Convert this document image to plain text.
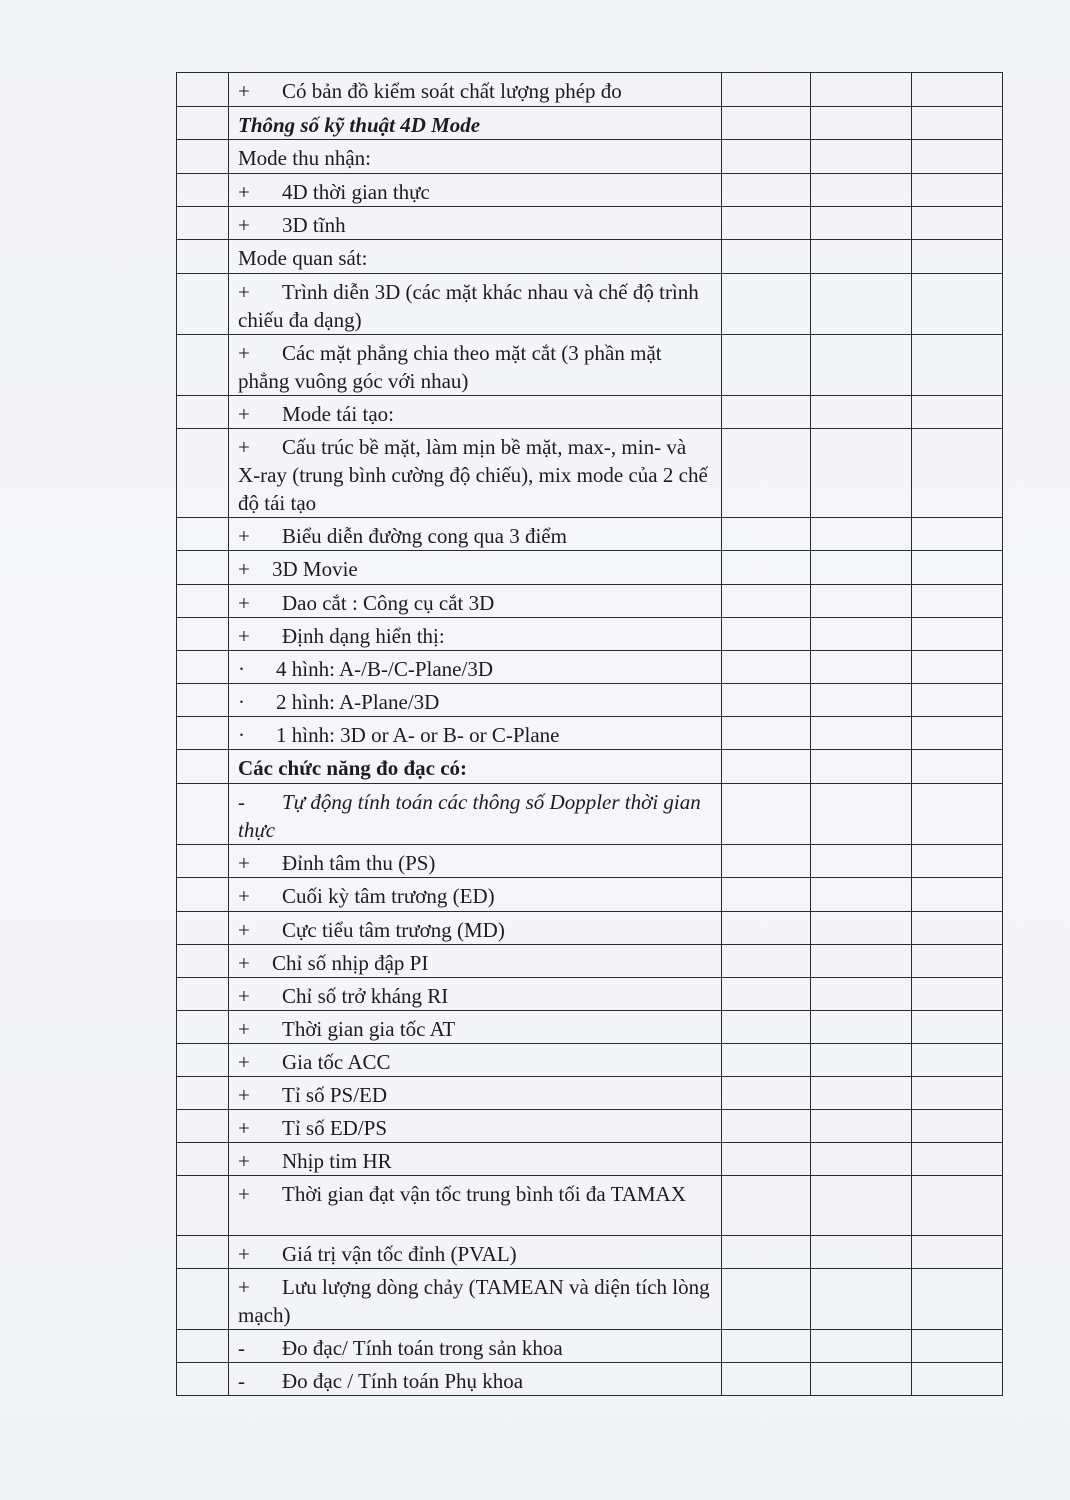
	+ Có bản đồ kiểm soát chất lượng phép đo			

	Thông số kỹ thuật 4D Mode			

	Mode thu nhận:			

	+ 4D thời gian thực			

	+ 3D tĩnh			

	Mode quan sát:			

	+ Trình diễn 3D (các mặt khác nhau và chế độ trình chiếu đa dạng)			

	+ Các mặt phẳng chia theo mặt cắt (3 phần mặt phẳng vuông góc với nhau)			

	+ Mode tái tạo:			

	+ Cấu trúc bề mặt, làm mịn bề mặt, max-, min- và X-ray (trung bình cường độ chiếu), mix mode của 2 chế độ tái tạo			

	+ Biểu diễn đường cong qua 3 điểm			

	+ 3D Movie			

	+ Dao cắt : Công cụ cắt 3D			

	+ Định dạng hiển thị:			

	· 4 hình: A-/B-/C-Plane/3D			

	· 2 hình: A-Plane/3D			

	· 1 hình: 3D or A- or B- or C-Plane			

	Các chức năng đo đạc có:			

	- Tự động tính toán các thông số Doppler thời gian thực			

	+ Đỉnh tâm thu (PS)			

	+ Cuối kỳ tâm trương (ED)			

	+ Cực tiểu tâm trương (MD)			

	+ Chỉ số nhịp đập PI			

	+ Chỉ số trở kháng RI			

	+ Thời gian gia tốc AT			

	+ Gia tốc ACC			

	+ Tỉ số PS/ED			

	+ Tỉ số ED/PS			

	+ Nhịp tim HR			

	+ Thời gian đạt vận tốc trung bình tối đa TAMAX			

	+ Giá trị vận tốc đỉnh (PVAL)			

	+ Lưu lượng dòng chảy (TAMEAN và diện tích lòng mạch)			

	- Đo đạc/ Tính toán trong sản khoa			

	- Đo đạc / Tính toán Phụ khoa			
